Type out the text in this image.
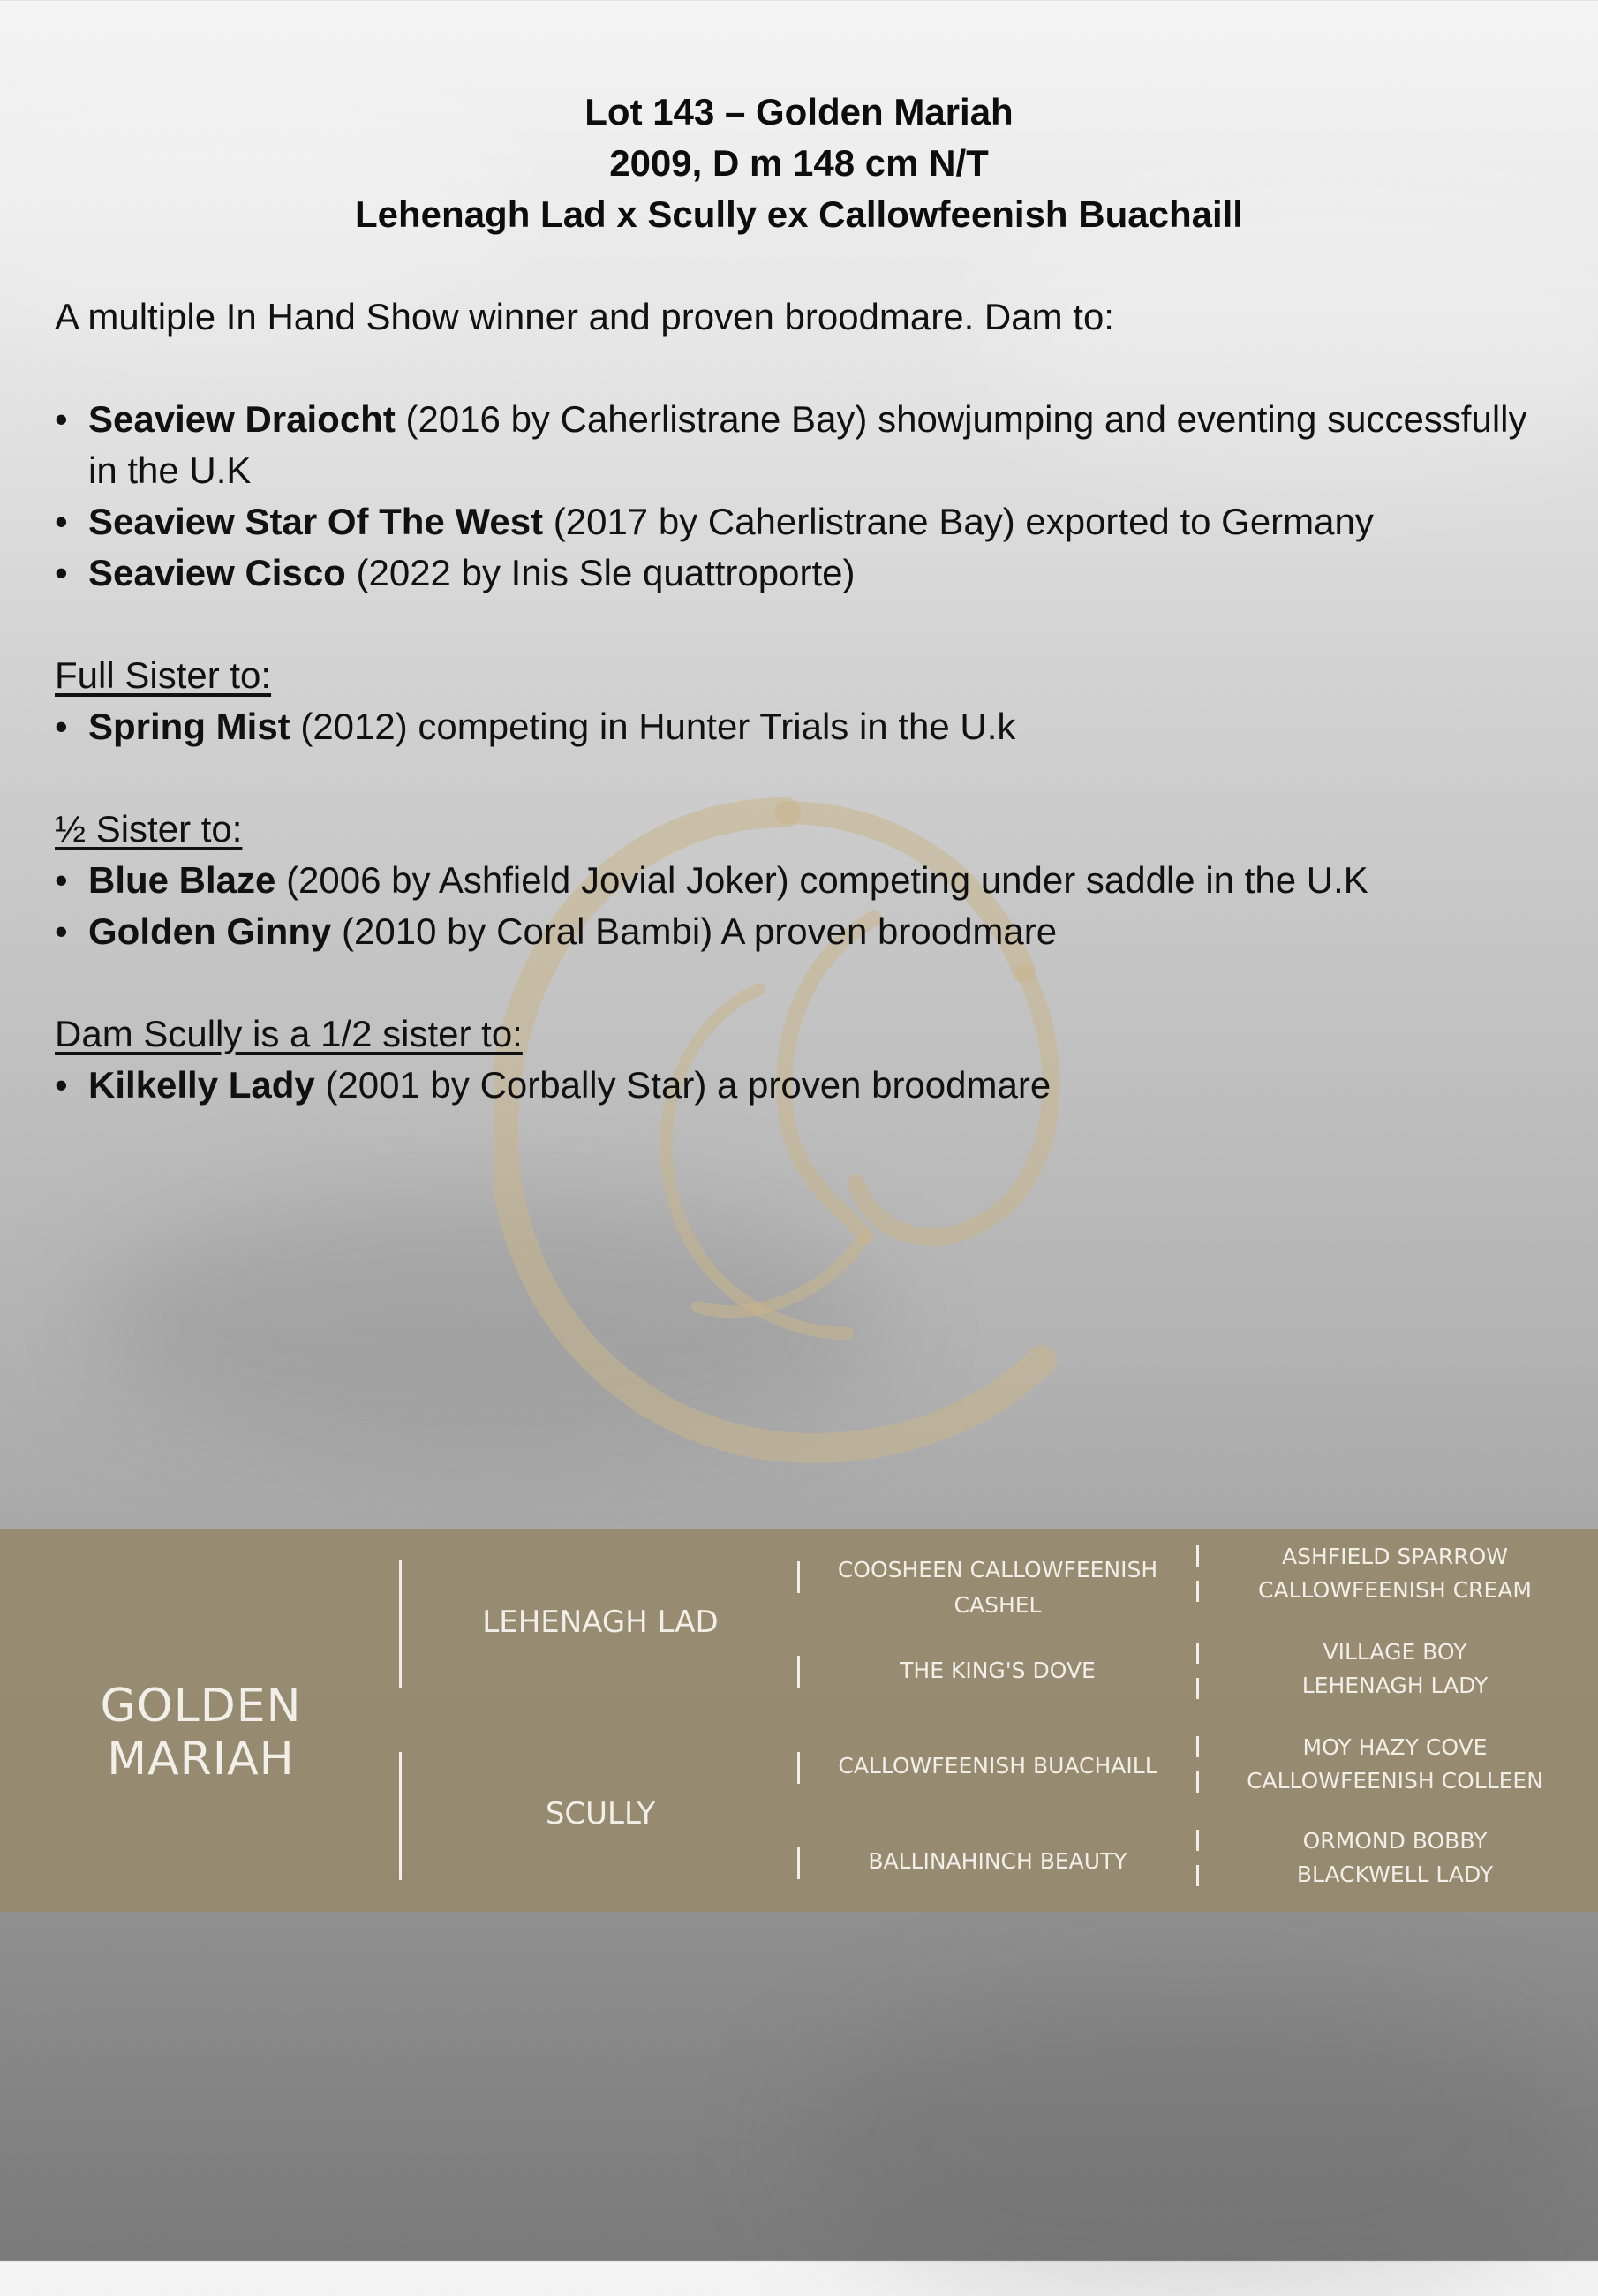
Lot 143 – Golden Mariah
2009, D m 148 cm N/T
Lehenagh Lad x Scully ex Callowfeenish Buachaill

A multiple In Hand Show winner and proven broodmare. Dam to:

• Seaview Draiocht (2016 by Caherlistrane Bay) showjumping and eventing successfully in the U.K
• Seaview Star Of The West (2017 by Caherlistrane Bay) exported to Germany
• Seaview Cisco (2022 by Inis Sle quattroporte)
Full Sister to:
• Spring Mist (2012) competing in Hunter Trials in the U.k
½ Sister to:
• Blue Blaze (2006 by Ashfield Jovial Joker) competing under saddle in the U.K
• Golden Ginny (2010 by Coral Bambi) A proven broodmare
Dam Scully is a 1/2 sister to:
• Kilkelly Lady (2001 by Corbally Star) a proven broodmare
GOLDEN MARIAH
LEHENAGH LAD
SCULLY
COOSHEEN CALLOWFEENISH CASHEL
THE KING'S DOVE
CALLOWFEENISH BUACHAILL
BALLINAHINCH BEAUTY
ASHFIELD SPARROW
CALLOWFEENISH CREAM
VILLAGE BOY
LEHENAGH LADY
MOY HAZY COVE
CALLOWFEENISH COLLEEN
ORMOND BOBBY
BLACKWELL LADY
